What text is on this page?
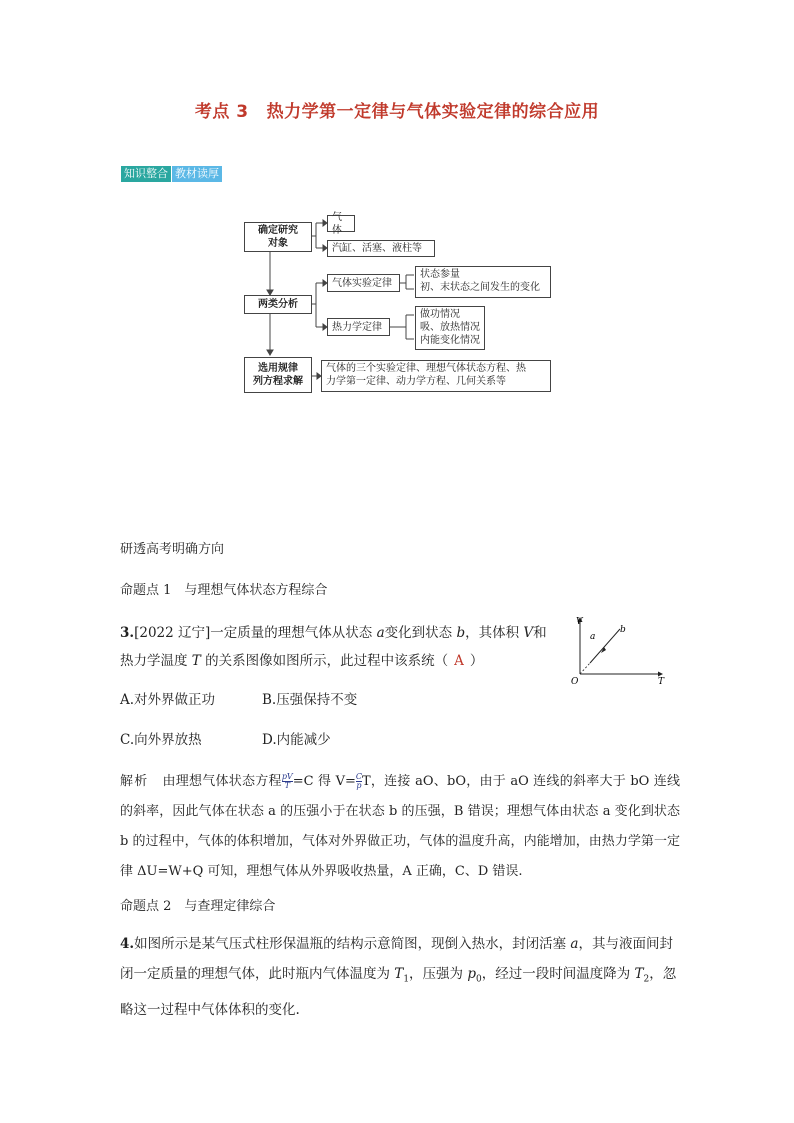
考点 3 热力学第一定律与气体实验定律的综合应用
知识整合 教材读厚
确定研究
对象
气体
汽缸、活塞、液柱等
两类分析
气体实验定律
热力学定律
状态参量
初、末状态之间发生的变化
做功情况
吸、放热情况
内能变化情况
选用规律
列方程求解
气体的三个实验定律、理想气体状态方程、热
力学第一定律、动力学方程、几何关系等
研透高考明确方向
命题点 1　与理想气体状态方程综合
3.[2022 辽宁]一定质量的理想气体从状态 a变化到状态 b，其体积 V和热力学温度 T 的关系图像如图所示，此过程中该系统（ A ）
V
T
O
a
b
A.对外界做正功	B.压强保持不变
C.向外界放热	D.内能减少
解析 由理想气体状态方程 $\frac{pV}{T} =C$ 得 $V= \frac{C}{p}$ T，连接 aO、bO，由于 aO 连线的斜率大于 bO 连线的斜率，因此气体在状态 a 的压强小于在状态 b 的压强，B 错误；理想气体由状态 a 变化到状态 b 的过程中，气体的体积增加，气体对外界做正功，气体的温度升高，内能增加，由热力学第一定律 ΔU=W+Q 可知，理想气体从外界吸收热量，A 正确，C、D 错误.
命题点 2　与查理定律综合
4.如图所示是某气压式柱形保温瓶的结构示意简图，现倒入热水，封闭活塞 a，其与液面间封闭一定质量的理想气体，此时瓶内气体温度为 $T_1$，压强为 $p_0$，经过一段时间温度降为 $T_2$，忽略这一过程中气体体积的变化.
